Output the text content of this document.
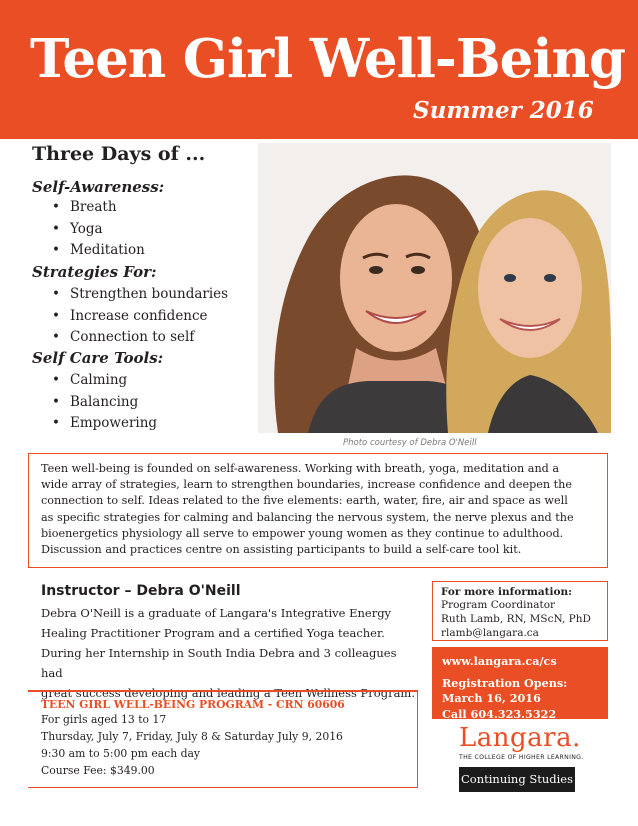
Teen Girl Well-Being
Summer 2016
Three Days of ...
Self-Awareness:
• Breath
• Yoga
• Meditation
Strategies For:
• Strengthen boundaries
• Increase confidence
• Connection to self
Self Care Tools:
• Calming
• Balancing
• Empowering
Photo courtesy of Debra O'Neill

Teen well-being is founded on self-awareness. Working with breath, yoga, meditation and a

wide array of strategies, learn to strengthen boundaries, increase confidence and deepen the

connection to self. Ideas related to the five elements: earth, water, fire, air and space as well

as specific strategies for calming and balancing the nervous system, the nerve plexus and the

bioenergetics physiology all serve to empower young women as they continue to adulthood.

Discussion and practices centre on assisting participants to build a self-care tool kit.

Instructor – Debra O'Neill
Debra O'Neill is a graduate of Langara's Integrative Energy
Healing Practitioner Program and a certified Yoga teacher.
During her Internship in South India Debra and 3 colleagues had
great success developing and leading a Teen Wellness Program.
TEEN GIRL WELL-BEING PROGRAM - CRN 60606
For girls aged 13 to 17
Thursday, July 7, Friday, July 8 & Saturday July 9, 2016
9:30 am to 5:00 pm each day
Course Fee: $349.00
For more information:
Program Coordinator
Ruth Lamb, RN, MScN, PhD
rlamb@langara.ca
www.langara.ca/cs
Registration Opens:
March 16, 2016
Call 604.323.5322
Langara.
THE COLLEGE OF HIGHER LEARNING.
Continuing Studies
